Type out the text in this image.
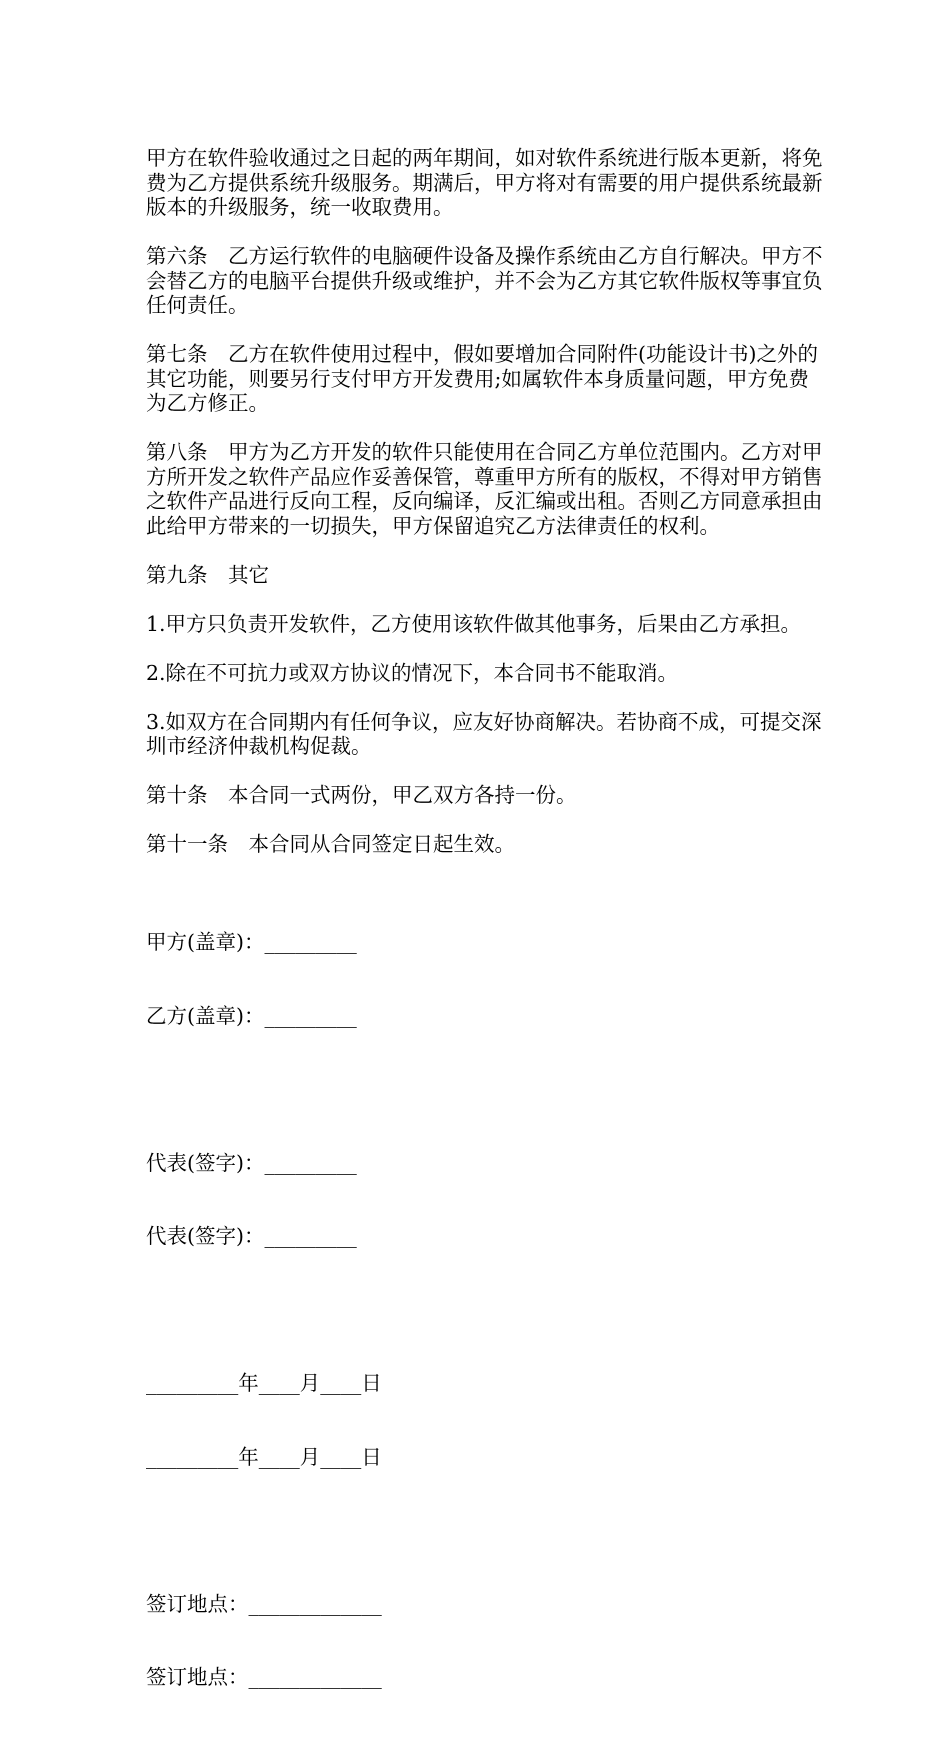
甲方在软件验收通过之日起的两年期间，如对软件系统进行版本更新，将免费为乙方提供系统升级服务。期满后，甲方将对有需要的用户提供系统最新版本的升级服务，统一收取费用。

第六条　乙方运行软件的电脑硬件设备及操作系统由乙方自行解决。甲方不会替乙方的电脑平台提供升级或维护，并不会为乙方其它软件版权等事宜负任何责任。

第七条　乙方在软件使用过程中，假如要增加合同附件(功能设计书)之外的其它功能，则要另行支付甲方开发费用;如属软件本身质量问题，甲方免费为乙方修正。

第八条　甲方为乙方开发的软件只能使用在合同乙方单位范围内。乙方对甲方所开发之软件产品应作妥善保管，尊重甲方所有的版权，不得对甲方销售之软件产品进行反向工程，反向编译，反汇编或出租。否则乙方同意承担由此给甲方带来的一切损失，甲方保留追究乙方法律责任的权利。

第九条　其它

1.甲方只负责开发软件，乙方使用该软件做其他事务，后果由乙方承担。

2.除在不可抗力或双方协议的情况下，本合同书不能取消。

3.如双方在合同期内有任何争议，应友好协商解决。若协商不成，可提交深圳市经济仲裁机构促裁。

第十条　本合同一式两份，甲乙双方各持一份。

第十一条　本合同从合同签定日起生效。

甲方(盖章)：_________

乙方(盖章)：_________

代表(签字)：_________

代表(签字)：_________

_________年____月____日

_________年____月____日

签订地点：_____________

签订地点：_____________
